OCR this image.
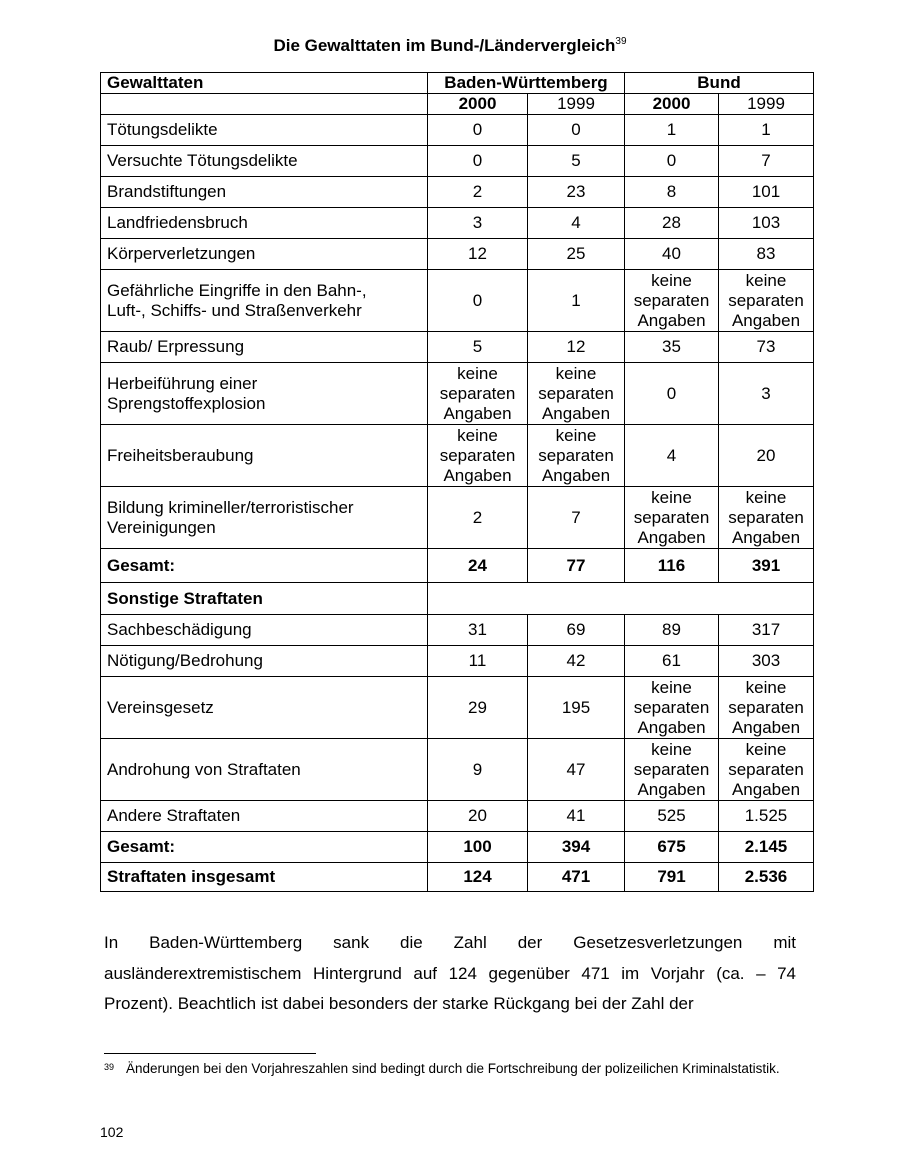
Die Gewalttaten im Bund-/Ländervergleich$^{39}$
Gewalttaten	Baden-Württemberg		Bund	
	2000	1999	2000	1999
Tötungsdelikte	0	0	1	1
Versuchte Tötungsdelikte	0	5	0	7
Brandstiftungen	2	23	8	101
Landfriedensbruch	3	4	28	103
Körperverletzungen	12	25	40	83
Gefährliche Eingriffe in den Bahn-,
Luft-, Schiffs- und Straßenverkehr	0	1	keine
separaten
Angaben	keine
separaten
Angaben
Raub/ Erpressung	5	12	35	73
Herbeiführung einer
Sprengstoffexplosion	keine
separaten
Angaben	keine
separaten
Angaben	0	3
Freiheitsberaubung	keine
separaten
Angaben	keine
separaten
Angaben	4	20
Bildung krimineller/terroristischer
Vereinigungen	2	7	keine
separaten
Angaben	keine
separaten
Angaben
Gesamt:	24	77	116	391
Sonstige Straftaten				
Sachbeschädigung	31	69	89	317
Nötigung/Bedrohung	11	42	61	303
Vereinsgesetz	29	195	keine
separaten
Angaben	keine
separaten
Angaben
Androhung von Straftaten	9	47	keine
separaten
Angaben	keine
separaten
Angaben
Andere Straftaten	20	41	525	1.525
Gesamt:	100	394	675	2.145
Straftaten insgesamt	124	471	791	2.536

In Baden-Württemberg sank die Zahl der Gesetzesverletzungen mit ausländerextremistischem Hintergrund auf 124 gegenüber 471 im Vorjahr (ca. – 74 Prozent). Beachtlich ist dabei besonders der starke Rückgang bei der Zahl der

39 Änderungen bei den Vorjahreszahlen sind bedingt durch die Fortschreibung der polizeilichen Kriminalstatistik.

102
